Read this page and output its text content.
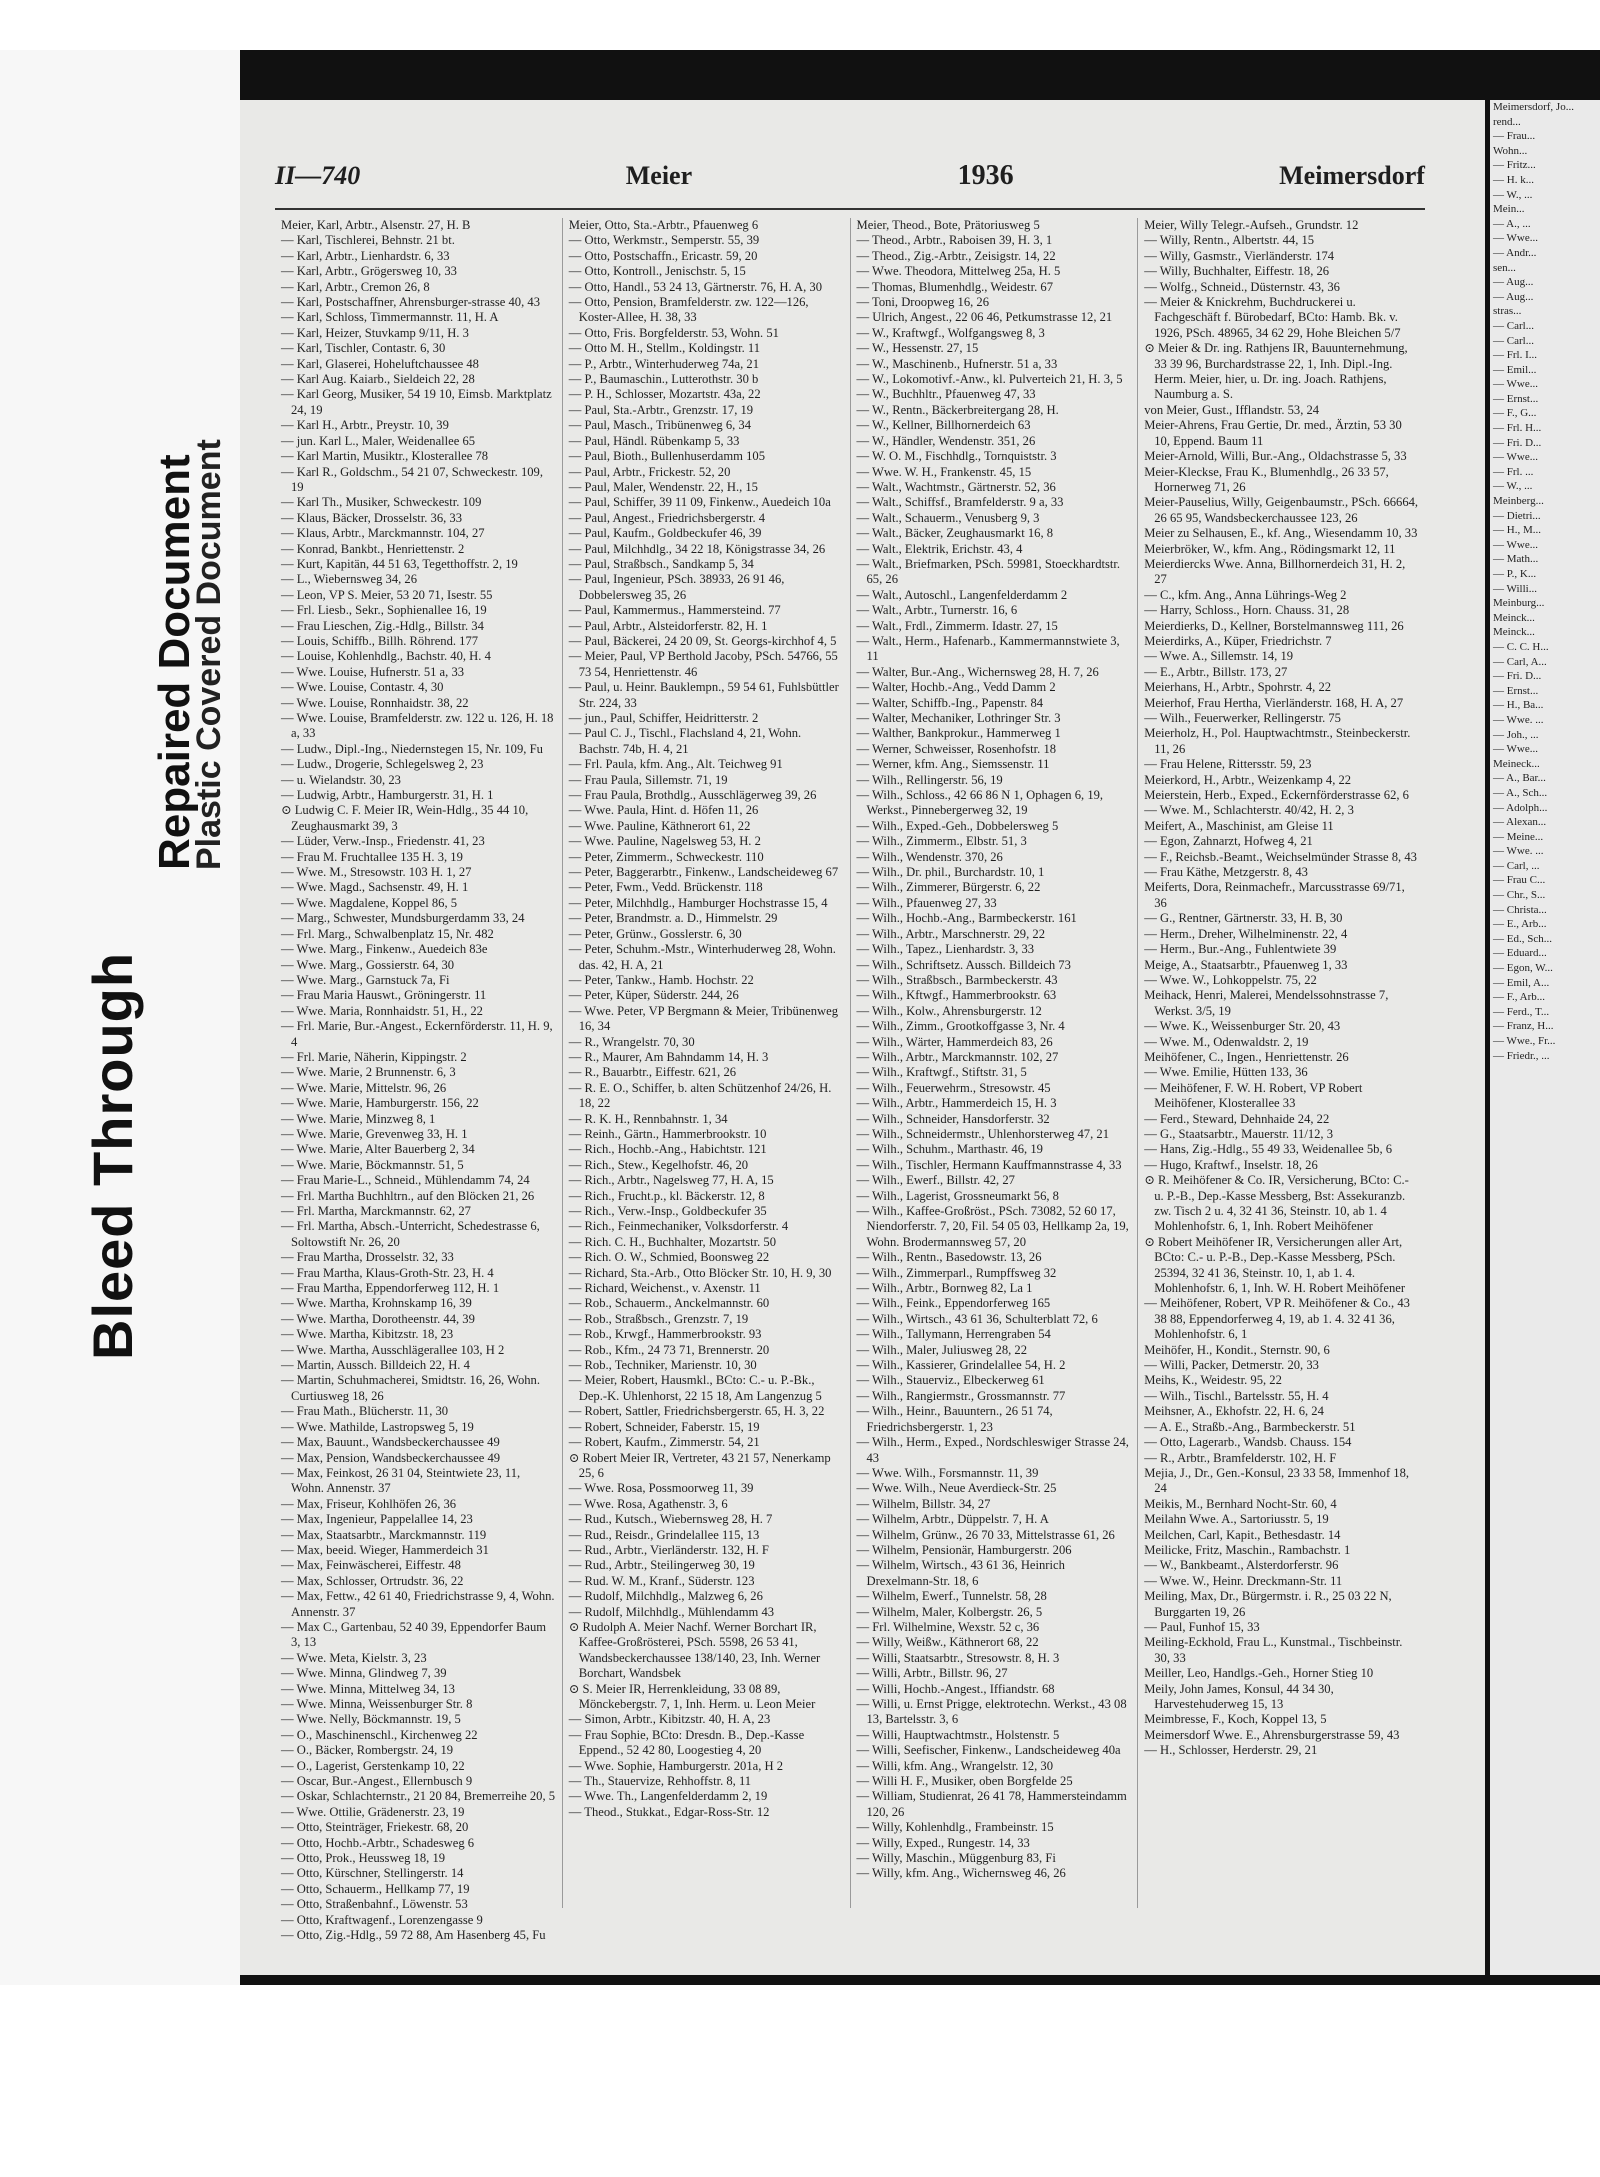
Bleed Through
Repaired Document
Plastic Covered Document
II—740	Meier	1936	Meimersdorf

Meier, Karl, Arbtr., Alsenstr. 27, H. B

— Karl, Tischlerei, Behnstr. 21 bt.

— Karl, Arbtr., Lienhardstr. 6, 33

— Karl, Arbtr., Grögersweg 10, 33

— Karl, Arbtr., Cremon 26, 8

— Karl, Postschaffner, Ahrensburger-strasse 40, 43

— Karl, Schloss, Timmermannstr. 11, H. A

— Karl, Heizer, Stuvkamp 9/11, H. 3

— Karl, Tischler, Contastr. 6, 30

— Karl, Glaserei, Hoheluftchaussee 48

— Karl Aug. Kaiarb., Sieldeich 22, 28

— Karl Georg, Musiker, 54 19 10, Eimsb. Marktplatz 24, 19

— Karl H., Arbtr., Preystr. 10, 39

— jun. Karl L., Maler, Weidenallee 65

— Karl Martin, Musiktr., Klosterallee 78

— Karl R., Goldschm., 54 21 07, Schweckestr. 109, 19

— Karl Th., Musiker, Schweckestr. 109

— Klaus, Bäcker, Drosselstr. 36, 33

— Klaus, Arbtr., Marckmannstr. 104, 27

— Konrad, Bankbt., Henriettenstr. 2

— Kurt, Kapitän, 44 51 63, Tegetthoffstr. 2, 19

— L., Wiebernsweg 34, 26

— Leon, VP S. Meier, 53 20 71, Isestr. 55

— Frl. Liesb., Sekr., Sophienallee 16, 19

— Frau Lieschen, Zig.-Hdlg., Billstr. 34

— Louis, Schiffb., Billh. Röhrend. 177

— Louise, Kohlenhdlg., Bachstr. 40, H. 4

— Wwe. Louise, Hufnerstr. 51 a, 33

— Wwe. Louise, Contastr. 4, 30

— Wwe. Louise, Ronnhaidstr. 38, 22

— Wwe. Louise, Bramfelderstr. zw. 122 u. 126, H. 18 a, 33

— Ludw., Dipl.-Ing., Niedernstegen 15, Nr. 109, Fu

— Ludw., Drogerie, Schlegelsweg 2, 23

— u. Wielandstr. 30, 23

— Ludwig, Arbtr., Hamburgerstr. 31, H. 1

⊙ Ludwig C. F. Meier IR, Wein-Hdlg., 35 44 10, Zeughausmarkt 39, 3

— Lüder, Verw.-Insp., Friedenstr. 41, 23

— Frau M. Fruchtallee 135 H. 3, 19

— Wwe. M., Stresowstr. 103 H. 1, 27

— Wwe. Magd., Sachsenstr. 49, H. 1

— Wwe. Magdalene, Koppel 86, 5

— Marg., Schwester, Mundsburgerdamm 33, 24

— Frl. Marg., Schwalbenplatz 15, Nr. 482

— Wwe. Marg., Finkenw., Auedeich 83e

— Wwe. Marg., Gossierstr. 64, 30

— Wwe. Marg., Garnstuck 7a, Fi

— Frau Maria Hauswt., Gröningerstr. 11

— Wwe. Maria, Ronnhaidstr. 51, H., 22

— Frl. Marie, Bur.-Angest., Eckernförderstr. 11, H. 9, 4

— Frl. Marie, Näherin, Kippingstr. 2

— Wwe. Marie, 2 Brunnenstr. 6, 3

— Wwe. Marie, Mittelstr. 96, 26

— Wwe. Marie, Hamburgerstr. 156, 22

— Wwe. Marie, Minzweg 8, 1

— Wwe. Marie, Grevenweg 33, H. 1

— Wwe. Marie, Alter Bauerberg 2, 34

— Wwe. Marie, Böckmannstr. 51, 5

— Frau Marie-L., Schneid., Mühlendamm 74, 24

— Frl. Martha Buchhltrn., auf den Blöcken 21, 26

— Frl. Martha, Marckmannstr. 62, 27

— Frl. Martha, Absch.-Unterricht, Schedestrasse 6, Soltowstift Nr. 26, 20

— Frau Martha, Drosselstr. 32, 33

— Frau Martha, Klaus-Groth-Str. 23, H. 4

— Frau Martha, Eppendorferweg 112, H. 1

— Wwe. Martha, Krohnskamp 16, 39

— Wwe. Martha, Dorotheenstr. 44, 39

— Wwe. Martha, Kibitzstr. 18, 23

— Wwe. Martha, Ausschlägerallee 103, H 2

— Martin, Aussch. Billdeich 22, H. 4

— Martin, Schuhmacherei, Smidtstr. 16, 26, Wohn. Curtiusweg 18, 26

— Frau Math., Blücherstr. 11, 30

— Wwe. Mathilde, Lastropsweg 5, 19

— Max, Bauunt., Wandsbeckerchaussee 49

— Max, Pension, Wandsbeckerchaussee 49

— Max, Feinkost, 26 31 04, Steintwiete 23, 11, Wohn. Annenstr. 37

— Max, Friseur, Kohlhöfen 26, 36

— Max, Ingenieur, Pappelallee 14, 23

— Max, Staatsarbtr., Marckmannstr. 119

— Max, beeid. Wieger, Hammerdeich 31

— Max, Feinwäscherei, Eiffestr. 48

— Max, Schlosser, Ortrudstr. 36, 22

— Max, Fettw., 42 61 40, Friedrichstrasse 9, 4, Wohn. Annenstr. 37

— Max C., Gartenbau, 52 40 39, Eppendorfer Baum 3, 13

— Wwe. Meta, Kielstr. 3, 23

— Wwe. Minna, Glindweg 7, 39

— Wwe. Minna, Mittelweg 34, 13

— Wwe. Minna, Weissenburger Str. 8

— Wwe. Nelly, Böckmannstr. 19, 5

— O., Maschinenschl., Kirchenweg 22

— O., Bäcker, Rombergstr. 24, 19

— O., Lagerist, Gerstenkamp 10, 22

— Oscar, Bur.-Angest., Ellernbusch 9

— Oskar, Schlachternstr., 21 20 84, Bremerreihe 20, 5

— Wwe. Ottilie, Grädenerstr. 23, 19

— Otto, Steinträger, Friekestr. 68, 20

— Otto, Hochb.-Arbtr., Schadesweg 6

— Otto, Prok., Heussweg 18, 19

— Otto, Kürschner, Stellingerstr. 14

— Otto, Schauerm., Hellkamp 77, 19

— Otto, Straßenbahnf., Löwenstr. 53

— Otto, Kraftwagenf., Lorenzengasse 9

— Otto, Zig.-Hdlg., 59 72 88, Am Hasenberg 45, Fu

Meier, Otto, Sta.-Arbtr., Pfauenweg 6

— Otto, Werkmstr., Semperstr. 55, 39

— Otto, Postschaffn., Ericastr. 59, 20

— Otto, Kontroll., Jenischstr. 5, 15

— Otto, Handl., 53 24 13, Gärtnerstr. 76, H. A, 30

— Otto, Pension, Bramfelderstr. zw. 122—126, Koster-Allee, H. 38, 33

— Otto, Fris. Borgfelderstr. 53, Wohn. 51

— Otto M. H., Stellm., Koldingstr. 11

— P., Arbtr., Winterhuderweg 74a, 21

— P., Baumaschin., Lutterothstr. 30 b

— P. H., Schlosser, Mozartstr. 43a, 22

— Paul, Sta.-Arbtr., Grenzstr. 17, 19

— Paul, Masch., Tribünenweg 6, 34

— Paul, Händl. Rübenkamp 5, 33

— Paul, Bioth., Bullenhuserdamm 105

— Paul, Arbtr., Frickestr. 52, 20

— Paul, Maler, Wendenstr. 22, H., 15

— Paul, Schiffer, 39 11 09, Finkenw., Auedeich 10a

— Paul, Angest., Friedrichsbergerstr. 4

— Paul, Kaufm., Goldbeckufer 46, 39

— Paul, Milchhdlg., 34 22 18, Königstrasse 34, 26

— Paul, Straßbsch., Sandkamp 5, 34

— Paul, Ingenieur, PSch. 38933, 26 91 46, Dobbelersweg 35, 26

— Paul, Kammermus., Hammersteind. 77

— Paul, Arbtr., Alsteidorferstr. 82, H. 1

— Paul, Bäckerei, 24 20 09, St. Georgs-kirchhof 4, 5

— Meier, Paul, VP Berthold Jacoby, PSch. 54766, 55 73 54, Henriettenstr. 46

— Paul, u. Heinr. Bauklempn., 59 54 61, Fuhlsbüttler Str. 224, 33

— jun., Paul, Schiffer, Heidritterstr. 2

— Paul C. J., Tischl., Flachsland 4, 21, Wohn. Bachstr. 74b, H. 4, 21

— Frl. Paula, kfm. Ang., Alt. Teichweg 91

— Frau Paula, Sillemstr. 71, 19

— Frau Paula, Brothdlg., Ausschlägerweg 39, 26

— Wwe. Paula, Hint. d. Höfen 11, 26

— Wwe. Pauline, Käthnerort 61, 22

— Wwe. Pauline, Nagelsweg 53, H. 2

— Peter, Zimmerm., Schweckestr. 110

— Peter, Baggerarbtr., Finkenw., Landscheideweg 67

— Peter, Fwm., Vedd. Brückenstr. 118

— Peter, Milchhdlg., Hamburger Hochstrasse 15, 4

— Peter, Brandmstr. a. D., Himmelstr. 29

— Peter, Grünw., Gosslerstr. 6, 30

— Peter, Schuhm.-Mstr., Winterhuderweg 28, Wohn. das. 42, H. A, 21

— Peter, Tankw., Hamb. Hochstr. 22

— Peter, Küper, Süderstr. 244, 26

— Wwe. Peter, VP Bergmann & Meier, Tribünenweg 16, 34

— R., Wrangelstr. 70, 30

— R., Maurer, Am Bahndamm 14, H. 3

— R., Bauarbtr., Eiffestr. 621, 26

— R. E. O., Schiffer, b. alten Schützenhof 24/26, H. 18, 22

— R. K. H., Rennbahnstr. 1, 34

— Reinh., Gärtn., Hammerbrookstr. 10

— Rich., Hochb.-Ang., Habichtstr. 121

— Rich., Stew., Kegelhofstr. 46, 20

— Rich., Arbtr., Nagelsweg 77, H. A, 15

— Rich., Frucht.p., kl. Bäckerstr. 12, 8

— Rich., Verw.-Insp., Goldbeckufer 35

— Rich., Feinmechaniker, Volksdorferstr. 4

— Rich. C. H., Buchhalter, Mozartstr. 50

— Rich. O. W., Schmied, Boonsweg 22

— Richard, Sta.-Arb., Otto Blöcker Str. 10, H. 9, 30

— Richard, Weichenst., v. Axenstr. 11

— Rob., Schauerm., Anckelmannstr. 60

— Rob., Straßbsch., Grenzstr. 7, 19

— Rob., Krwgf., Hammerbrookstr. 93

— Rob., Kfm., 24 73 71, Brennerstr. 20

— Rob., Techniker, Marienstr. 10, 30

— Meier, Robert, Hausmkl., BCto: C.- u. P.-Bk., Dep.-K. Uhlenhorst, 22 15 18, Am Langenzug 5

— Robert, Sattler, Friedrichsbergerstr. 65, H. 3, 22

— Robert, Schneider, Faberstr. 15, 19

— Robert, Kaufm., Zimmerstr. 54, 21

⊙ Robert Meier IR, Vertreter, 43 21 57, Nenerkamp 25, 6

— Wwe. Rosa, Possmoorweg 11, 39

— Wwe. Rosa, Agathenstr. 3, 6

— Rud., Kutsch., Wiebernsweg 28, H. 7

— Rud., Reisdr., Grindelallee 115, 13

— Rud., Arbtr., Vierländerstr. 132, H. F

— Rud., Arbtr., Steilingerweg 30, 19

— Rud. W. M., Kranf., Süderstr. 123

— Rudolf, Milchhdlg., Malzweg 6, 26

— Rudolf, Milchhdlg., Mühlendamm 43

⊙ Rudolph A. Meier Nachf. Werner Borchart IR, Kaffee-Großrösterei, PSch. 5598, 26 53 41, Wandsbeckerchaussee 138/140, 23, Inh. Werner Borchart, Wandsbek

⊙ S. Meier IR, Herrenkleidung, 33 08 89, Mönckebergstr. 7, 1, Inh. Herm. u. Leon Meier

— Simon, Arbtr., Kibitzstr. 40, H. A, 23

— Frau Sophie, BCto: Dresdn. B., Dep.-Kasse Eppend., 52 42 80, Loogestieg 4, 20

— Wwe. Sophie, Hamburgerstr. 201a, H 2

— Th., Stauervize, Rehhoffstr. 8, 11

— Wwe. Th., Langenfelderdamm 2, 19

— Theod., Stukkat., Edgar-Ross-Str. 12

Meier, Theod., Bote, Prätoriusweg 5

— Theod., Arbtr., Raboisen 39, H. 3, 1

— Theod., Zig.-Arbtr., Zeisigstr. 14, 22

— Wwe. Theodora, Mittelweg 25a, H. 5

— Thomas, Blumenhdlg., Weidestr. 67

— Toni, Droopweg 16, 26

— Ulrich, Angest., 22 06 46, Petkumstrasse 12, 21

— W., Kraftwgf., Wolfgangsweg 8, 3

— W., Hessenstr. 27, 15

— W., Maschinenb., Hufnerstr. 51 a, 33

— W., Lokomotivf.-Anw., kl. Pulverteich 21, H. 3, 5

— W., Buchhltr., Pfauenweg 47, 33

— W., Rentn., Bäckerbreitergang 28, H.

— W., Kellner, Billhornerdeich 63

— W., Händler, Wendenstr. 351, 26

— W. O. M., Fischhdlg., Tornquiststr. 3

— Wwe. W. H., Frankenstr. 45, 15

— Walt., Wachtmstr., Gärtnerstr. 52, 36

— Walt., Schiffsf., Bramfelderstr. 9 a, 33

— Walt., Schauerm., Venusberg 9, 3

— Walt., Bäcker, Zeughausmarkt 16, 8

— Walt., Elektrik, Erichstr. 43, 4

— Walt., Briefmarken, PSch. 59981, Stoeckhardtstr. 65, 26

— Walt., Autoschl., Langenfelderdamm 2

— Walt., Arbtr., Turnerstr. 16, 6

— Walt., Frdl., Zimmerm. Idastr. 27, 15

— Walt., Herm., Hafenarb., Kammermannstwiete 3, 11

— Walter, Bur.-Ang., Wichernsweg 28, H. 7, 26

— Walter, Hochb.-Ang., Vedd Damm 2

— Walter, Schiffb.-Ing., Papenstr. 84

— Walter, Mechaniker, Lothringer Str. 3

— Walther, Bankprokur., Hammerweg 1

— Werner, Schweisser, Rosenhofstr. 18

— Werner, kfm. Ang., Siemssenstr. 11

— Wilh., Rellingerstr. 56, 19

— Wilh., Schloss., 42 66 86 N 1, Ophagen 6, 19, Werkst., Pinnebergerweg 32, 19

— Wilh., Exped.-Geh., Dobbelersweg 5

— Wilh., Zimmerm., Elbstr. 51, 3

— Wilh., Wendenstr. 370, 26

— Wilh., Dr. phil., Burchardstr. 10, 1

— Wilh., Zimmerer, Bürgerstr. 6, 22

— Wilh., Pfauenweg 27, 33

— Wilh., Hochb.-Ang., Barmbeckerstr. 161

— Wilh., Arbtr., Marschnerstr. 29, 22

— Wilh., Tapez., Lienhardstr. 3, 33

— Wilh., Schriftsetz. Aussch. Billdeich 73

— Wilh., Straßbsch., Barmbeckerstr. 43

— Wilh., Kftwgf., Hammerbrookstr. 63

— Wilh., Kolw., Ahrensburgerstr. 12

— Wilh., Zimm., Grootkoffgasse 3, Nr. 4

— Wilh., Wärter, Hammerdeich 83, 26

— Wilh., Arbtr., Marckmannstr. 102, 27

— Wilh., Kraftwgf., Stiftstr. 31, 5

— Wilh., Feuerwehrm., Stresowstr. 45

— Wilh., Arbtr., Hammerdeich 15, H. 3

— Wilh., Schneider, Hansdorferstr. 32

— Wilh., Schneidermstr., Uhlenhorsterweg 47, 21

— Wilh., Schuhm., Marthastr. 46, 19

— Wilh., Tischler, Hermann Kauffmannstrasse 4, 33

— Wilh., Ewerf., Billstr. 42, 27

— Wilh., Lagerist, Grossneumarkt 56, 8

— Wilh., Kaffee-Großröst., PSch. 73082, 52 60 17, Niendorferstr. 7, 20, Fil. 54 05 03, Hellkamp 2a, 19, Wohn. Brodermannsweg 57, 20

— Wilh., Rentn., Basedowstr. 13, 26

— Wilh., Zimmerparl., Rumpffsweg 32

— Wilh., Arbtr., Bornweg 82, La 1

— Wilh., Feink., Eppendorferweg 165

— Wilh., Wirtsch., 43 61 36, Schulterblatt 72, 6

— Wilh., Tallymann, Herrengraben 54

— Wilh., Maler, Juliusweg 28, 22

— Wilh., Kassierer, Grindelallee 54, H. 2

— Wilh., Stauerviz., Elbeckerweg 61

— Wilh., Rangiermstr., Grossmannstr. 77

— Wilh., Heinr., Bauuntern., 26 51 74, Friedrichsbergerstr. 1, 23

— Wilh., Herm., Exped., Nordschleswiger Strasse 24, 43

— Wwe. Wilh., Forsmannstr. 11, 39

— Wwe. Wilh., Neue Averdieck-Str. 25

— Wilhelm, Billstr. 34, 27

— Wilhelm, Arbtr., Düppelstr. 7, H. A

— Wilhelm, Grünw., 26 70 33, Mittelstrasse 61, 26

— Wilhelm, Pensionär, Hamburgerstr. 206

— Wilhelm, Wirtsch., 43 61 36, Heinrich Drexelmann-Str. 18, 6

— Wilhelm, Ewerf., Tunnelstr. 58, 28

— Wilhelm, Maler, Kolbergstr. 26, 5

— Frl. Wilhelmine, Wexstr. 52 c, 36

— Willy, Weißw., Käthnerort 68, 22

— Willi, Staatsarbtr., Stresowstr. 8, H. 3

— Willi, Arbtr., Billstr. 96, 27

— Willi, Hochb.-Angest., Iffiandstr. 68

— Willi, u. Ernst Prigge, elektrotechn. Werkst., 43 08 13, Bartelsstr. 3, 6

— Willi, Hauptwachtmstr., Holstenstr. 5

— Willi, Seefischer, Finkenw., Landscheideweg 40a

— Willi, kfm. Ang., Wrangelstr. 12, 30

— Willi H. F., Musiker, oben Borgfelde 25

— William, Studienrat, 26 41 78, Hammersteindamm 120, 26

— Willy, Kohlenhdlg., Frambeinstr. 15

— Willy, Exped., Rungestr. 14, 33

— Willy, Maschin., Müggenburg 83, Fi

— Willy, kfm. Ang., Wichernsweg 46, 26

Meier, Willy Telegr.-Aufseh., Grundstr. 12

— Willy, Rentn., Albertstr. 44, 15

— Willy, Gasmstr., Vierländerstr. 174

— Willy, Buchhalter, Eiffestr. 18, 26

— Wolfg., Schneid., Düsternstr. 43, 36

— Meier & Knickrehm, Buchdruckerei u. Fachgeschäft f. Bürobedarf, BCto: Hamb. Bk. v. 1926, PSch. 48965, 34 62 29, Hohe Bleichen 5/7

⊙ Meier & Dr. ing. Rathjens IR, Bauunternehmung, 33 39 96, Burchardstrasse 22, 1, Inh. Dipl.-Ing. Herm. Meier, hier, u. Dr. ing. Joach. Rathjens, Naumburg a. S.

von Meier, Gust., Ifflandstr. 53, 24

Meier-Ahrens, Frau Gertie, Dr. med., Ärztin, 53 30 10, Eppend. Baum 11

Meier-Arnold, Willi, Bur.-Ang., Oldachstrasse 5, 33

Meier-Kleckse, Frau K., Blumenhdlg., 26 33 57, Hornerweg 71, 26

Meier-Pauselius, Willy, Geigenbaumstr., PSch. 66664, 26 65 95, Wandsbeckerchaussee 123, 26

Meier zu Selhausen, E., kf. Ang., Wiesendamm 10, 33

Meierbröker, W., kfm. Ang., Rödingsmarkt 12, 11

Meierdiercks Wwe. Anna, Billhornerdeich 31, H. 2, 27

— C., kfm. Ang., Anna Lührings-Weg 2

— Harry, Schloss., Horn. Chauss. 31, 28

Meierdierks, D., Kellner, Borstelmannsweg 111, 26

Meierdirks, A., Küper, Friedrichstr. 7

— Wwe. A., Sillemstr. 14, 19

— E., Arbtr., Billstr. 173, 27

Meierhans, H., Arbtr., Spohrstr. 4, 22

Meierhof, Frau Hertha, Vierländerstr. 168, H. A, 27

— Wilh., Feuerwerker, Rellingerstr. 75

Meierholz, H., Pol. Hauptwachtmstr., Steinbeckerstr. 11, 26

— Frau Helene, Rittersstr. 59, 23

Meierkord, H., Arbtr., Weizenkamp 4, 22

Meierstein, Herb., Exped., Eckernförderstrasse 62, 6

— Wwe. M., Schlachterstr. 40/42, H. 2, 3

Meifert, A., Maschinist, am Gleise 11

— Egon, Zahnarzt, Hofweg 4, 21

— F., Reichsb.-Beamt., Weichselmünder Strasse 8, 43

— Frau Käthe, Metzgerstr. 8, 43

Meiferts, Dora, Reinmachefr., Marcusstrasse 69/71, 36

— G., Rentner, Gärtnerstr. 33, H. B, 30

— Herm., Dreher, Wilhelminenstr. 22, 4

— Herm., Bur.-Ang., Fuhlentwiete 39

Meige, A., Staatsarbtr., Pfauenweg 1, 33

— Wwe. W., Lohkoppelstr. 75, 22

Meihack, Henri, Malerei, Mendelssohnstrasse 7, Werkst. 3/5, 19

— Wwe. K., Weissenburger Str. 20, 43

— Wwe. M., Odenwaldstr. 2, 19

Meihöfener, C., Ingen., Henriettenstr. 26

— Wwe. Emilie, Hütten 133, 36

— Meihöfener, F. W. H. Robert, VP Robert Meihöfener, Klosterallee 33

— Ferd., Steward, Dehnhaide 24, 22

— G., Staatsarbtr., Mauerstr. 11/12, 3

— Hans, Zig.-Hdlg., 55 49 33, Weidenallee 5b, 6

— Hugo, Kraftwf., Inselstr. 18, 26

⊙ R. Meihöfener & Co. IR, Versicherung, BCto: C.- u. P.-B., Dep.-Kasse Messberg, Bst: Assekuranzb. zw. Tisch 2 u. 4, 32 41 36, Steinstr. 10, ab 1. 4 Mohlenhofstr. 6, 1, Inh. Robert Meihöfener

⊙ Robert Meihöfener IR, Versicherungen aller Art, BCto: C.- u. P.-B., Dep.-Kasse Messberg, PSch. 25394, 32 41 36, Steinstr. 10, 1, ab 1. 4. Mohlenhofstr. 6, 1, Inh. W. H. Robert Meihöfener

— Meihöfener, Robert, VP R. Meihöfener & Co., 43 38 88, Eppendorferweg 4, 19, ab 1. 4. 32 41 36, Mohlenhofstr. 6, 1

Meihöfer, H., Kondit., Sternstr. 90, 6

— Willi, Packer, Detmerstr. 20, 33

Meihs, K., Weidestr. 95, 22

— Wilh., Tischl., Bartelsstr. 55, H. 4

Meihsner, A., Ekhofstr. 22, H. 6, 24

— A. E., Straßb.-Ang., Barmbeckerstr. 51

— Otto, Lagerarb., Wandsb. Chauss. 154

— R., Arbtr., Bramfelderstr. 102, H. F

Mejia, J., Dr., Gen.-Konsul, 23 33 58, Immenhof 18, 24

Meikis, M., Bernhard Nocht-Str. 60, 4

Meilahn Wwe. A., Sartoriusstr. 5, 19

Meilchen, Carl, Kapit., Bethesdastr. 14

Meilicke, Fritz, Maschin., Rambachstr. 1

— W., Bankbeamt., Alsterdorferstr. 96

— Wwe. W., Heinr. Dreckmann-Str. 11

Meiling, Max, Dr., Bürgermstr. i. R., 25 03 22 N, Burggarten 19, 26

— Paul, Funhof 15, 33

Meiling-Eckhold, Frau L., Kunstmal., Tischbeinstr. 30, 33

Meiller, Leo, Handlgs.-Geh., Horner Stieg 10

Meily, John James, Konsul, 44 34 30, Harvestehuderweg 15, 13

Meimbresse, F., Koch, Koppel 13, 5

Meimersdorf Wwe. E., Ahrensburgerstrasse 59, 43

— H., Schlosser, Herderstr. 29, 21

Meimersdorf, Jo...

rend...

— Frau...

Wohn...

— Fritz...

— H. k...

— W., ...

Mein...

— A., ...

— Wwe...

— Andr...

sen...

— Aug...

— Aug...

stras...

— Carl...

— Carl...

— Frl. I...

— Emil...

— Wwe...

— Ernst...

— F., G...

— Frl. H...

— Fri. D...

— Wwe...

— Frl. ...

— W., ...

Meinberg...

— Dietri...

— H., M...

— Wwe...

— Math...

— P., K...

— Willi...

Meinburg...

Meinck...

Meinck...

— C. C. H...

— Carl, A...

— Fri. D...

— Ernst...

— H., Ba...

— Wwe. ...

— Joh., ...

— Wwe...

Meineck...

— A., Bar...

— A., Sch...

— Adolph...

— Alexan...

— Meine...

— Wwe. ...

— Carl, ...

— Frau C...

— Chr., S...

— Christa...

— E., Arb...

— Ed., Sch...

— Eduard...

— Egon, W...

— Emil, A...

— F., Arb...

— Ferd., T...

— Franz, H...

— Wwe., Fr...

— Friedr., ...
